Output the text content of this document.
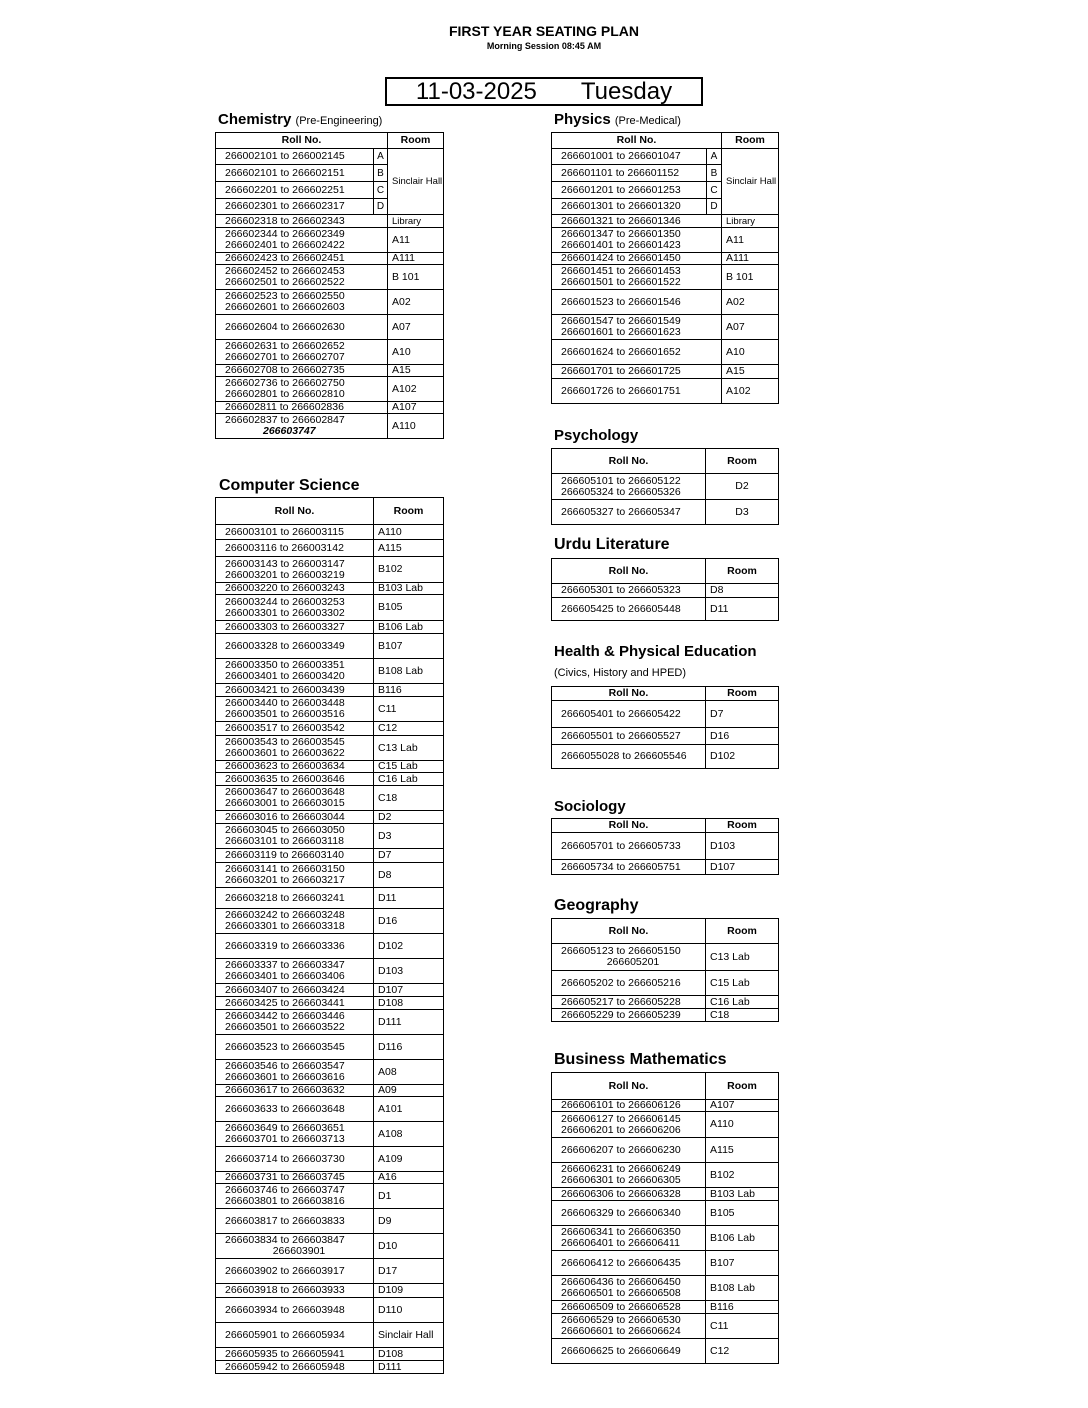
FIRST YEAR SEATING PLAN
Morning Session 08:45 AM
11-03-2025 Tuesday
Chemistry (Pre-Engineering)	Physics (Pre-Medical)
Computer Science
Psychology
Urdu Literature
Health & Physical Education
(Civics, History and HPED)
Sociology
Geography
Business Mathematics
Roll No.		Room
266002101 to 266002145	A	Sinclair Hall
266602101 to 266602151	B	
266602201 to 266602251	C	
266602301 to 266602317	D	

266602318 to 266602343		Library

266602344 to 266602349
266602401 to 266602422		A11

266602423 to 266602451		A111

266602452 to 266602453
266602501 to 266602522		B 101

266602523 to 266602550
266602601 to 266602603		A02

266602604 to 266602630		A07

266602631 to 266602652
266602701 to 266602707		A10

266602708 to 266602735		A15

266602736 to 266602750
266602801 to 266602810		A102

266602811 to 266602836		A107

266602837 to 266602847
266603747		A110
Roll No.		Room
266601001 to 266601047	A	Sinclair Hall
266601101 to 266601152	B	
266601201 to 266601253	C	
266601301 to 266601320	D	

266601321 to 266601346		Library

266601347 to 266601350
266601401 to 266601423		A11

266601424 to 266601450		A111

266601451 to 266601453
266601501 to 266601522		B 101

266601523 to 266601546		A02

266601547 to 266601549
266601601 to 266601623		A07

266601624 to 266601652		A10

266601701 to 266601725		A15

266601726 to 266601751		A102
Roll No.	Room

266003101 to 266003115	A110

266003116 to 266003142	A115

266003143 to 266003147
266003201 to 266003219	B102

266003220 to 266003243	B103 Lab

266003244 to 266003253
266003301 to 266003302	B105

266003303 to 266003327	B106 Lab

266003328 to 266003349	B107

266003350 to 266003351
266003401 to 266003420	B108 Lab

266003421 to 266003439	B116

266003440 to 266003448
266003501 to 266003516	C11

266003517 to 266003542	C12

266003543 to 266003545
266003601 to 266003622	C13 Lab

266003623 to 266003634	C15 Lab

266003635 to 266003646	C16 Lab

266003647 to 266003648
266603001 to 266603015	C18

266603016 to 266603044	D2

266603045 to 266603050
266603101 to 266603118	D3

266603119 to 266603140	D7

266603141 to 266603150
266603201 to 266603217	D8

266603218 to 266603241	D11

266603242 to 266603248
266603301 to 266603318	D16

266603319 to 266603336	D102

266603337 to 266603347
266603401 to 266603406	D103

266603407 to 266603424	D107

266603425 to 266603441	D108

266603442 to 266603446
266603501 to 266603522	D111

266603523 to 266603545	D116

266603546 to 266603547
266603601 to 266603616	A08

266603617 to 266603632	A09

266603633 to 266603648	A101

266603649 to 266603651
266603701 to 266603713	A108

266603714 to 266603730	A109

266603731 to 266603745	A16

266603746 to 266603747
266603801 to 266603816	D1

266603817 to 266603833	D9

266603834 to 266603847
266603901	D10

266603902 to 266603917	D17

266603918 to 266603933	D109

266603934 to 266603948	D110

266605901 to 266605934	Sinclair Hall

266605935 to 266605941	D108

266605942 to 266605948	D111
Roll No.	Room

266605101 to 266605122
266605324 to 266605326	D2

266605327 to 266605347	D3
Roll No.	Room

266605301 to 266605323	D8

266605425 to 266605448	D11
Roll No.	Room

266605401 to 266605422	D7

266605501 to 266605527	D16

2666055028 to 266605546	D102
Roll No.	Room

266605701 to 266605733	D103

266605734 to 266605751	D107
Roll No.	Room

266605123 to 266605150
266605201	C13 Lab

266605202 to 266605216	C15 Lab

266605217 to 266605228	C16 Lab

266605229 to 266605239	C18
Roll No.	Room

266606101 to 266606126	A107

266606127 to 266606145
266606201 to 266606206	A110

266606207 to 266606230	A115

266606231 to 266606249
266606301 to 266606305	B102

266606306 to 266606328	B103 Lab

266606329 to 266606340	B105

266606341 to 266606350
266606401 to 266606411	B106 Lab

266606412 to 266606435	B107

266606436 to 266606450
266606501 to 266606508	B108 Lab

266606509 to 266606528	B116

266606529 to 266606530
266606601 to 266606624	C11

266606625 to 266606649	C12
